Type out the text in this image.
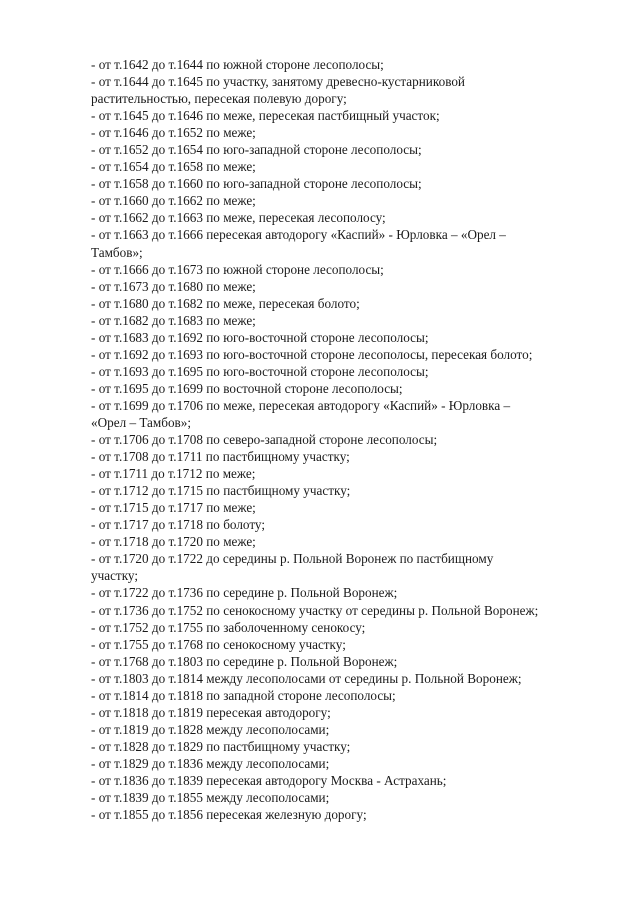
- от т.1642 до т.1644 по южной стороне лесополосы;
- от т.1644 до т.1645 по участку, занятому древесно-кустарниковой
растительностью, пересекая полевую дорогу;
- от т.1645 до т.1646 по меже, пересекая пастбищный участок;
- от т.1646 до т.1652 по меже;
- от т.1652 до т.1654 по юго-западной стороне лесополосы;
- от т.1654 до т.1658 по меже;
- от т.1658 до т.1660 по юго-западной стороне лесополосы;
- от т.1660 до т.1662 по меже;
- от т.1662 до т.1663 по меже, пересекая лесополосу;
- от т.1663 до т.1666 пересекая автодорогу «Каспий» - Юрловка – «Орел –
Тамбов»;
- от т.1666 до т.1673 по южной стороне лесополосы;
- от т.1673 до т.1680 по меже;
- от т.1680 до т.1682 по меже, пересекая болото;
- от т.1682 до т.1683 по меже;
- от т.1683 до т.1692 по юго-восточной стороне лесополосы;
- от т.1692 до т.1693 по юго-восточной стороне лесополосы, пересекая болото;
- от т.1693 до т.1695 по юго-восточной стороне лесополосы;
- от т.1695 до т.1699 по восточной стороне лесополосы;
- от т.1699 до т.1706 по меже, пересекая автодорогу «Каспий» - Юрловка –
«Орел – Тамбов»;
- от т.1706 до т.1708 по северо-западной стороне лесополосы;
- от т.1708 до т.1711 по пастбищному участку;
- от т.1711 до т.1712 по меже;
- от т.1712 до т.1715 по пастбищному участку;
- от т.1715 до т.1717 по меже;
- от т.1717 до т.1718 по болоту;
- от т.1718 до т.1720 по меже;
- от т.1720 до т.1722 до середины р. Польной Воронеж по пастбищному
участку;
- от т.1722 до т.1736 по середине р. Польной Воронеж;
- от т.1736 до т.1752 по сенокосному участку от середины р. Польной Воронеж;
- от т.1752 до т.1755 по заболоченному сенокосу;
- от т.1755 до т.1768 по сенокосному участку;
- от т.1768 до т.1803 по середине р. Польной Воронеж;
- от т.1803 до т.1814 между лесополосами от середины р. Польной Воронеж;
- от т.1814 до т.1818 по западной стороне лесополосы;
- от т.1818 до т.1819 пересекая автодорогу;
- от т.1819 до т.1828 между лесополосами;
- от т.1828 до т.1829 по пастбищному участку;
- от т.1829 до т.1836 между лесополосами;
- от т.1836 до т.1839 пересекая автодорогу Москва - Астрахань;
- от т.1839 до т.1855 между лесополосами;
- от т.1855 до т.1856 пересекая железную дорогу;
